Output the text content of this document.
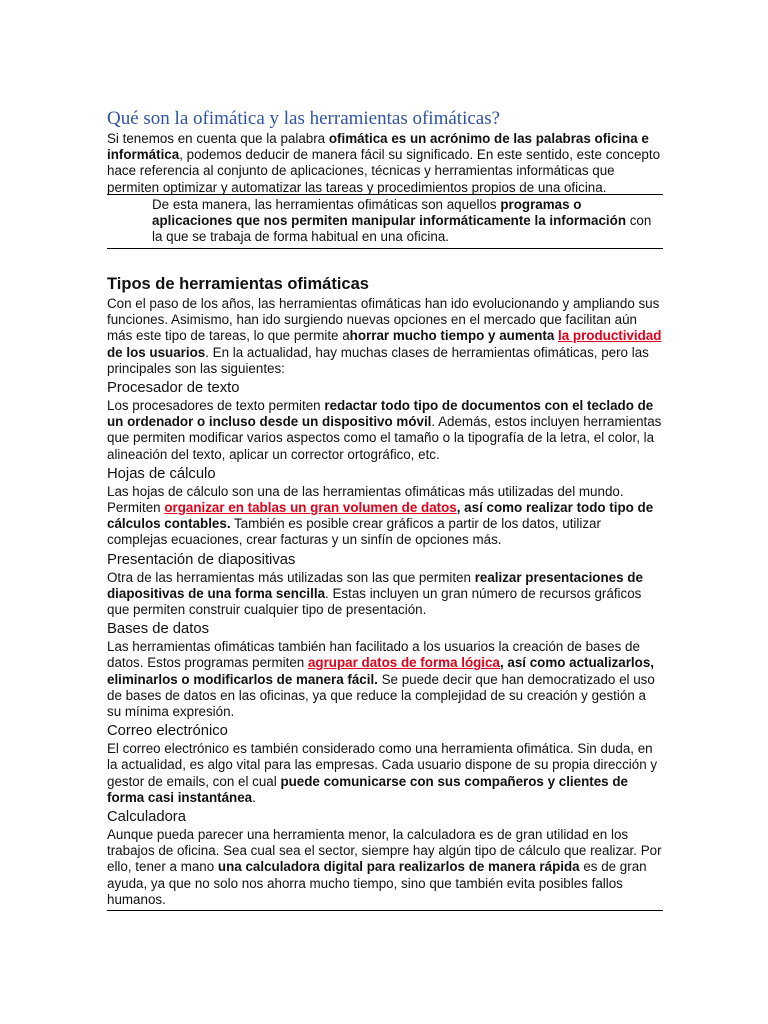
Qué son la ofimática y las herramientas ofimáticas?

Si tenemos en cuenta que la palabra ofimática es un acrónimo de las palabras oficina e informática, podemos deducir de manera fácil su significado. En este sentido, este concepto hace referencia al conjunto de aplicaciones, técnicas y herramientas informáticas que permiten optimizar y automatizar las tareas y procedimientos propios de una oficina.

De esta manera, las herramientas ofimáticas son aquellos programas o aplicaciones que nos permiten manipular informáticamente la información con la que se trabaja de forma habitual en una oficina.

Tipos de herramientas ofimáticas

Con el paso de los años, las herramientas ofimáticas han ido evolucionando y ampliando sus funciones. Asimismo, han ido surgiendo nuevas opciones en el mercado que facilitan aún más este tipo de tareas, lo que permite ahorrar mucho tiempo y aumenta la productividad de los usuarios. En la actualidad, hay muchas clases de herramientas ofimáticas, pero las principales son las siguientes:

Procesador de texto

Los procesadores de texto permiten redactar todo tipo de documentos con el teclado de un ordenador o incluso desde un dispositivo móvil. Además, estos incluyen herramientas que permiten modificar varios aspectos como el tamaño o la tipografía de la letra, el color, la alineación del texto, aplicar un corrector ortográfico, etc.

Hojas de cálculo

Las hojas de cálculo son una de las herramientas ofimáticas más utilizadas del mundo. Permiten organizar en tablas un gran volumen de datos, así como realizar todo tipo de cálculos contables. También es posible crear gráficos a partir de los datos, utilizar complejas ecuaciones, crear facturas y un sinfín de opciones más.

Presentación de diapositivas

Otra de las herramientas más utilizadas son las que permiten realizar presentaciones de diapositivas de una forma sencilla. Estas incluyen un gran número de recursos gráficos que permiten construir cualquier tipo de presentación.

Bases de datos

Las herramientas ofimáticas también han facilitado a los usuarios la creación de bases de datos. Estos programas permiten agrupar datos de forma lógica, así como actualizarlos, eliminarlos o modificarlos de manera fácil. Se puede decir que han democratizado el uso de bases de datos en las oficinas, ya que reduce la complejidad de su creación y gestión a su mínima expresión.

Correo electrónico

El correo electrónico es también considerado como una herramienta ofimática. Sin duda, en la actualidad, es algo vital para las empresas. Cada usuario dispone de su propia dirección y gestor de emails, con el cual puede comunicarse con sus compañeros y clientes de forma casi instantánea.

Calculadora

Aunque pueda parecer una herramienta menor, la calculadora es de gran utilidad en los trabajos de oficina. Sea cual sea el sector, siempre hay algún tipo de cálculo que realizar. Por ello, tener a mano una calculadora digital para realizarlos de manera rápida es de gran ayuda, ya que no solo nos ahorra mucho tiempo, sino que también evita posibles fallos humanos.
